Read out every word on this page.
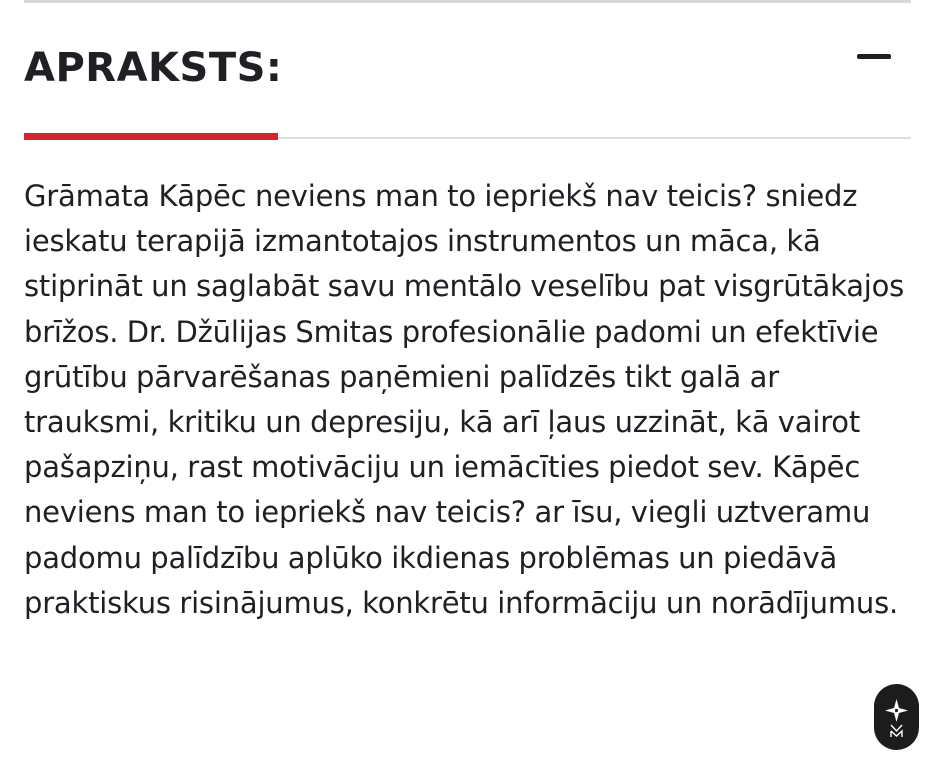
APRAKSTS:

Grāmata Kāpēc neviens man to iepriekš nav teicis? sniedz ieskatu terapijā izmantotajos instrumentos un māca, kā stiprināt un saglabāt savu mentālo veselību pat visgrūtākajos brīžos. Dr. Džūlijas Smitas profesionālie padomi un efektīvie grūtību pārvarēšanas paņēmieni palīdzēs tikt galā ar trauksmi, kritiku un depresiju, kā arī ļaus uzzināt, kā vairot pašapziņu, rast motivāciju un iemācīties piedot sev. Kāpēc neviens man to iepriekš nav teicis? ar īsu, viegli uztveramu padomu palīdzību aplūko ikdienas problēmas un piedāvā praktiskus risinājumus, konkrētu informāciju un norādījumus.
